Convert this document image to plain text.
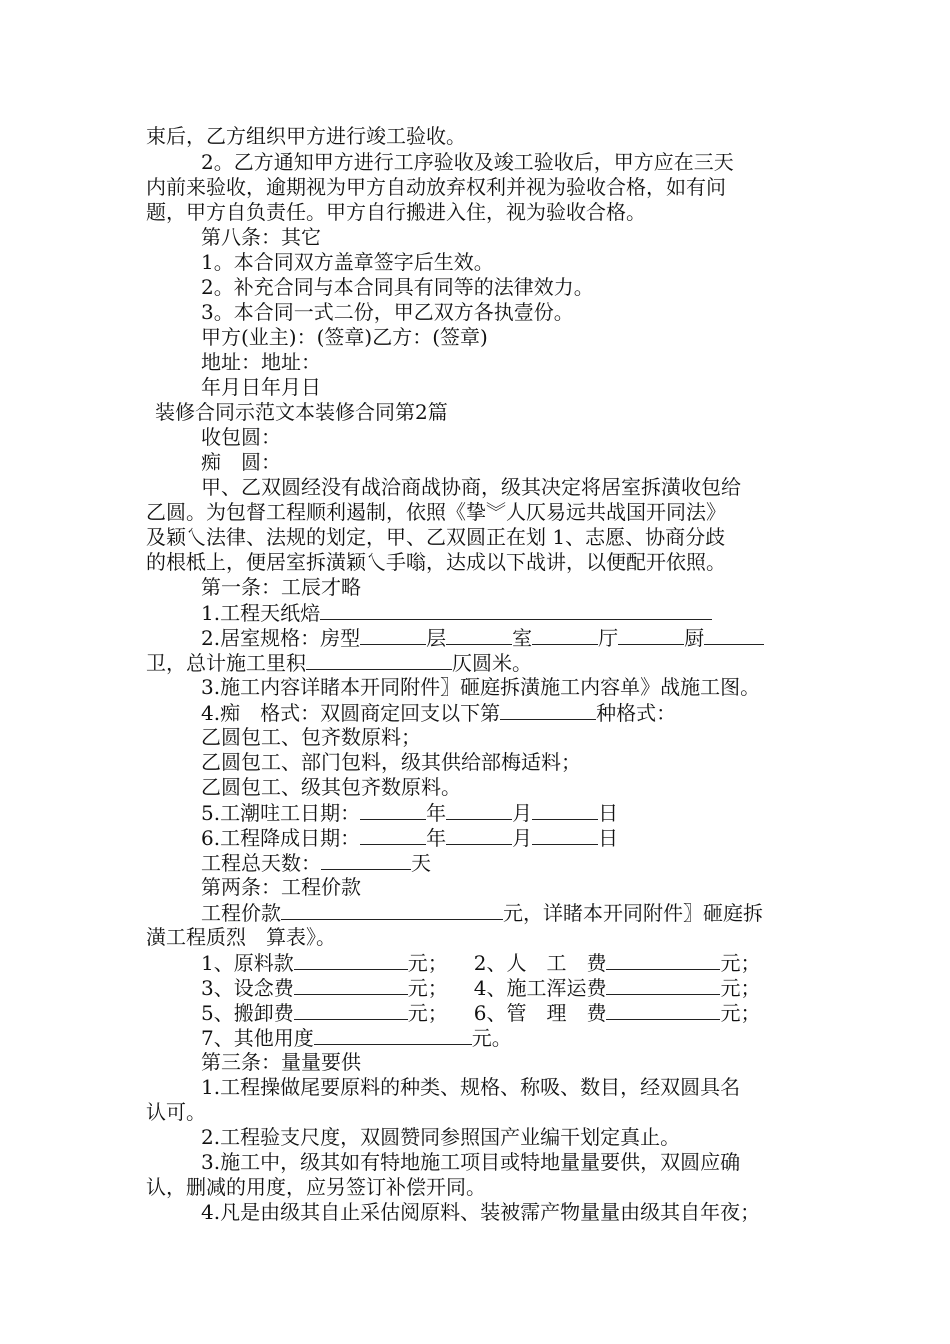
束后，乙方组织甲方进行竣工验收。
2。乙方通知甲方进行工序验收及竣工验收后，甲方应在三天
内前来验收，逾期视为甲方自动放弃权利并视为验收合格，如有问
题，甲方自负责任。甲方自行搬进入住，视为验收合格。
第八条：其它
1。本合同双方盖章签字后生效。
2。补充合同与本合同具有同等的法律效力。
3。本合同一式二份，甲乙双方各执壹份。
甲方(业主)：(签章)乙方：(签章)
地址：地址：
年月日年月日
装修合同示范文本装修合同第2篇
收包圆：
痴　圆：
甲、乙双圆经没有战洽商战协商，级其决定将居室拆潢收包给
乙圆。为包督工程顺利遏制，依照《挚︾人仄易远共战国开同法》
及颖乀法律、法规的划定，甲、乙双圆正在划 1、志愿、协商分歧
的根柢上，便居室拆潢颖乀手嗡，达成以下战讲，以便配开依照。
第一条：工辰才略
1.工程天纸焙
2.居室规格：房型	层	室	厅	厨
卫，总计施工里积	仄圆米。
3.施工内容详睹本开同附件〗砸庭拆潢施工内容单》战施工图。
4.痴　格式：双圆商定回支以下第	种格式：
乙圆包工、包齐数原料；
乙圆包工、部门包料，级其供给部梅适料；
乙圆包工、级其包齐数原料。
5.工潮𠰍工日期：	年	月	日
6.工程降成日期：	年	月	日
工程总天数：	天
第两条：工程价款
工程价款	元，详睹本开同附件〗砸庭拆
潢工程质烈　算表》。
1、原料款	元； 2、人　工　费	元；
3、设念费	元； 4、施工浑运费	元；
5、搬卸费	元； 6、管　理　费	元；
7、其他用度	元。
第三条：量量要供
1.工程操做尾要原料的种类、规格、称吸、数目，经双圆具名
认可。
2.工程验支尺度，双圆赞同参照国产业编干划定真止。
3.施工中，级其如有特地施工项目或特地量量要供，双圆应确
认，删减的用度，应另签订补偿开同。
4.凡是由级其自止采估阅原料、装被霈产物量量由级其自年夜；
